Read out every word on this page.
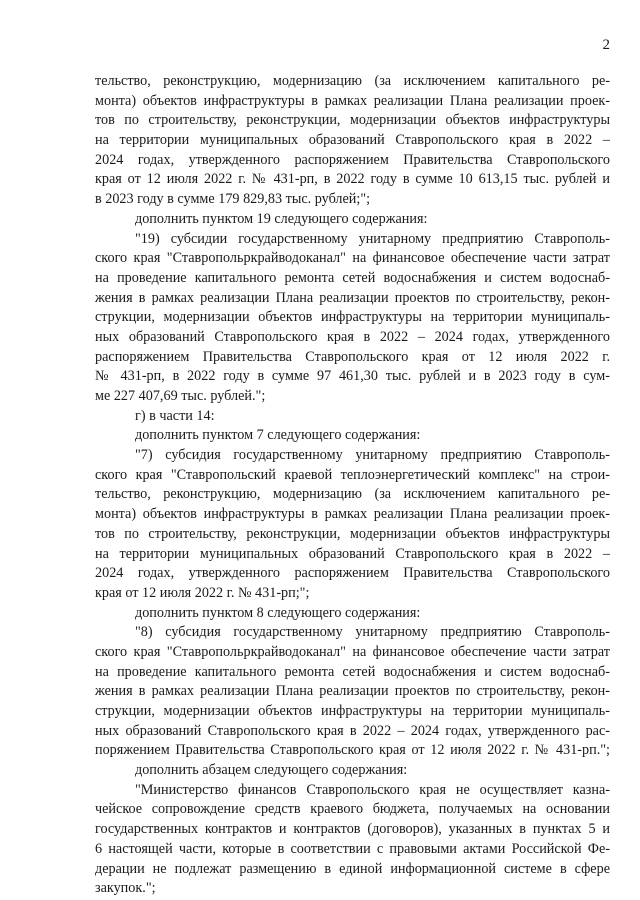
2
тельство, реконструкцию, модернизацию (за исключением капитального ре-
монта) объектов инфраструктуры в рамках реализации Плана реализации проек-
тов по строительству, реконструкции, модернизации объектов инфраструктуры
на территории муниципальных образований Ставропольского края в 2022 –
2024 годах, утвержденного распоряжением Правительства Ставропольского
края от 12 июля 2022 г. № 431-рп, в 2022 году в сумме 10 613,15 тыс. рублей и
в 2023 году в сумме 179 829,83 тыс. рублей;";
дополнить пунктом 19 следующего содержания:
"19) субсидии государственному унитарному предприятию Ставрополь-
ского края "Ставропольркрайводоканал" на финансовое обеспечение части затрат
на проведение капитального ремонта сетей водоснабжения и систем водоснаб-
жения в рамках реализации Плана реализации проектов по строительству, рекон-
струкции, модернизации объектов инфраструктуры на территории муниципаль-
ных образований Ставропольского края в 2022 – 2024 годах, утвержденного
распоряжением Правительства Ставропольского края от 12 июля 2022 г.
№ 431-рп, в 2022 году в сумме 97 461,30 тыс. рублей и в 2023 году в сум-
ме 227 407,69 тыс. рублей.";
г) в части 14:
дополнить пунктом 7 следующего содержания:
"7) субсидия государственному унитарному предприятию Ставрополь-
ского края "Ставропольский краевой теплоэнергетический комплекс" на строи-
тельство, реконструкцию, модернизацию (за исключением капитального ре-
монта) объектов инфраструктуры в рамках реализации Плана реализации проек-
тов по строительству, реконструкции, модернизации объектов инфраструктуры
на территории муниципальных образований Ставропольского края в 2022 –
2024 годах, утвержденного распоряжением Правительства Ставропольского
края от 12 июля 2022 г. № 431-рп;";
дополнить пунктом 8 следующего содержания:
"8) субсидия государственному унитарному предприятию Ставрополь-
ского края "Ставропольркрайводоканал" на финансовое обеспечение части затрат
на проведение капитального ремонта сетей водоснабжения и систем водоснаб-
жения в рамках реализации Плана реализации проектов по строительству, рекон-
струкции, модернизации объектов инфраструктуры на территории муниципаль-
ных образований Ставропольского края в 2022 – 2024 годах, утвержденного рас-
поряжением Правительства Ставропольского края от 12 июля 2022 г. № 431-рп.";
дополнить абзацем следующего содержания:
"Министерство финансов Ставропольского края не осуществляет казна-
чейское сопровождение средств краевого бюджета, получаемых на основании
государственных контрактов и контрактов (договоров), указанных в пунктах 5 и
6 настоящей части, которые в соответствии с правовыми актами Российской Фе-
дерации не подлежат размещению в единой информационной системе в сфере
закупок.";
